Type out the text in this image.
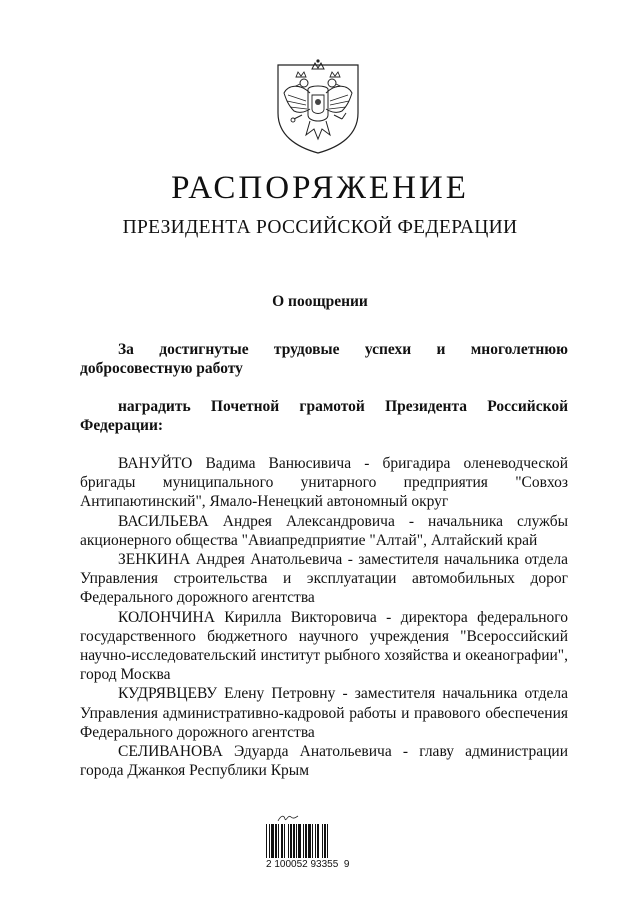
РАСПОРЯЖЕНИЕ
ПРЕЗИДЕНТА РОССИЙСКОЙ ФЕДЕРАЦИИ
О поощрении

За достигнутые трудовые успехи и многолетнюю добросовестную работу

наградить Почетной грамотой Президента Российской Федерации:

ВАНУЙТО Вадима Ванюсивича - бригадира оленеводческой бригады муниципального унитарного предприятия "Совхоз Антипаютинский", Ямало-Ненецкий автономный округ

ВАСИЛЬЕВА Андрея Александровича - начальника службы акционерного общества "Авиапредприятие "Алтай", Алтайский край

ЗЕНКИНА Андрея Анатольевича - заместителя начальника отдела Управления строительства и эксплуатации автомобильных дорог Федерального дорожного агентства

КОЛОНЧИНА Кирилла Викторовича - директора федерального государственного бюджетного научного учреждения "Всероссийский научно-исследовательский институт рыбного хозяйства и океанографии", город Москва

КУДРЯВЦЕВУ Елену Петровну - заместителя начальника отдела Управления административно-кадровой работы и правового обеспечения Федерального дорожного агентства

СЕЛИВАНОВА Эдуарда Анатольевича - главу администрации города Джанкоя Республики Крым

2 100052 93355  9
